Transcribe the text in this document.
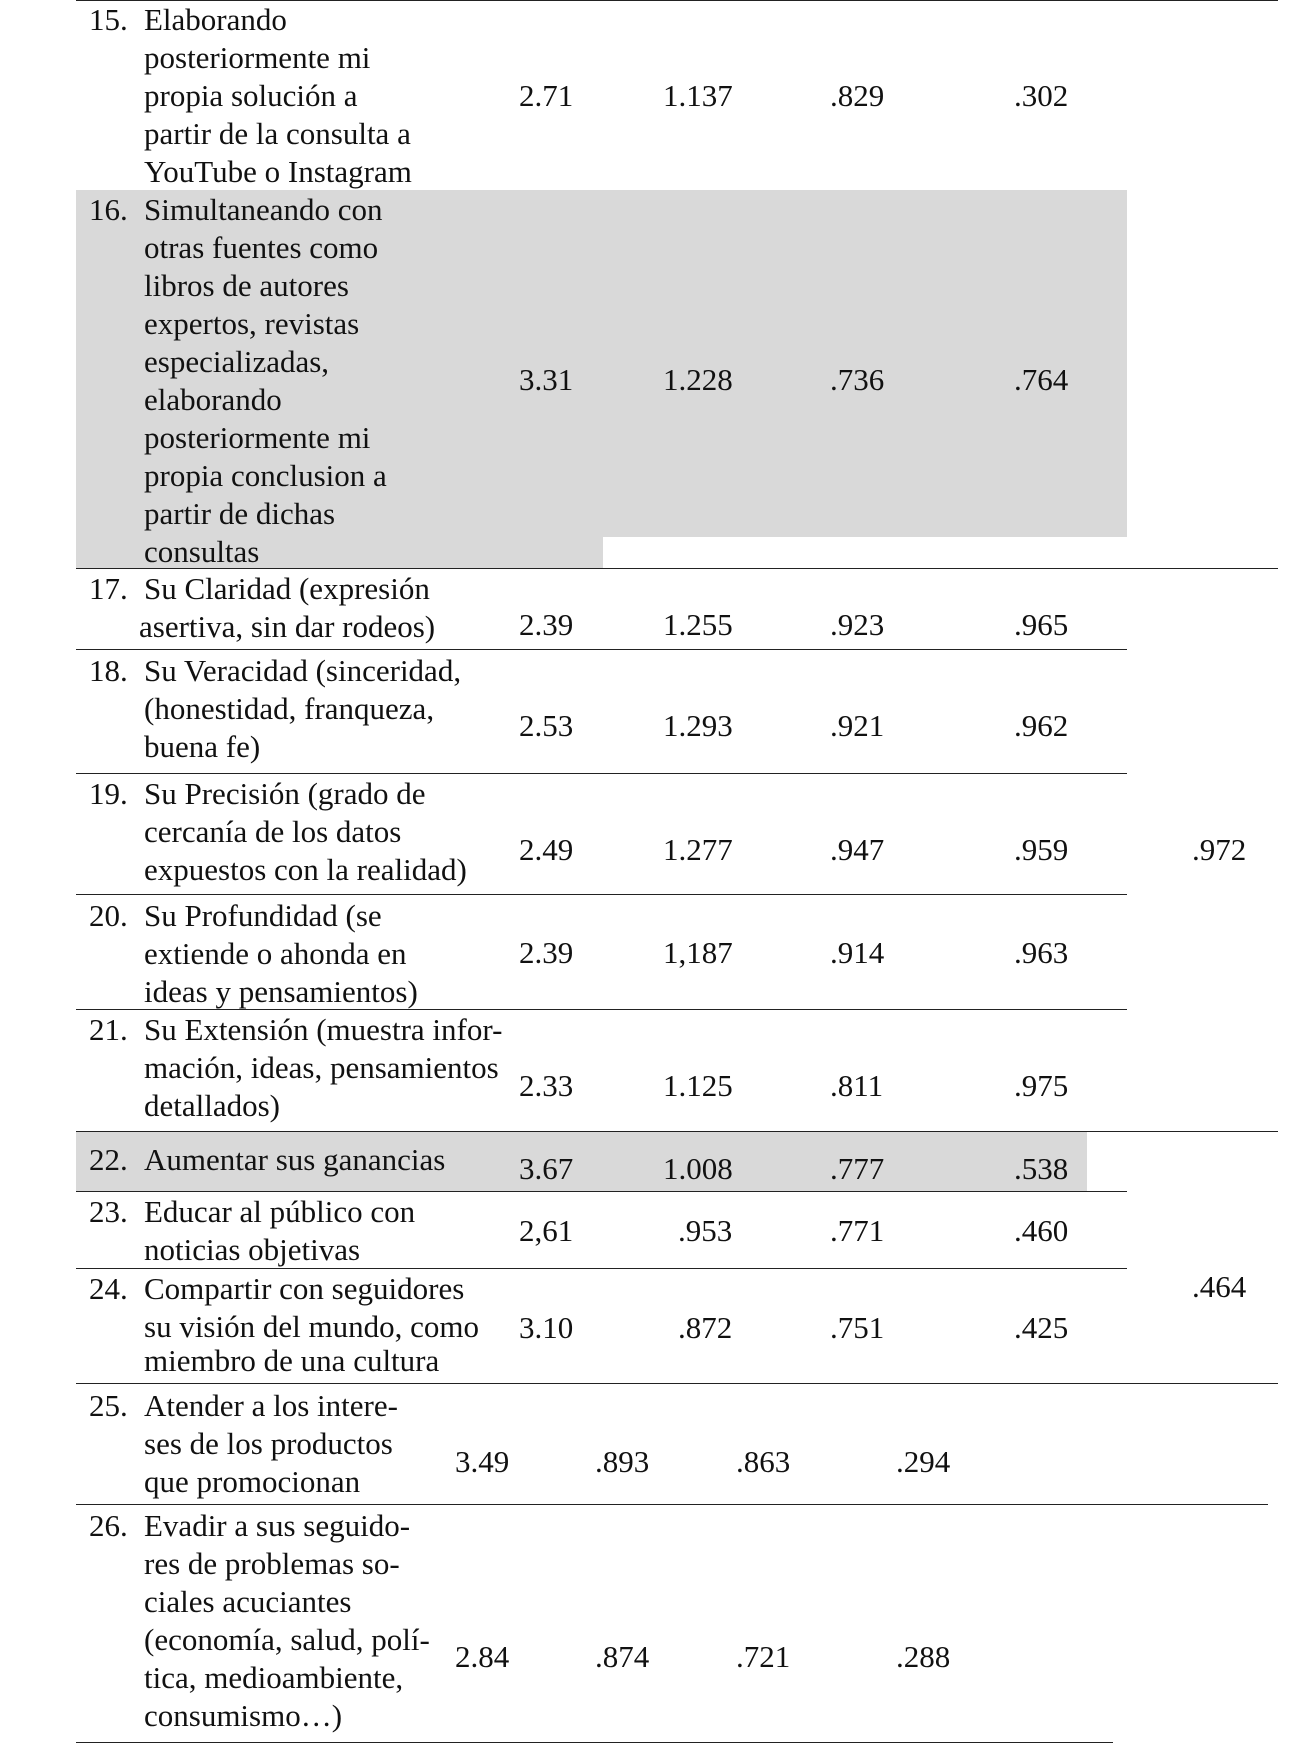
15. Elaborando
posteriormente mi
propia solución a
partir de la consulta a
YouTube o Instagram
2.71	1.137	.829	.302
16. Simultaneando con
otras fuentes como
libros de autores
expertos, revistas
especializadas,
elaborando
posteriormente mi
propia conclusion a
partir de dichas
consultas
3.31	1.228	.736	.764
17. Su Claridad (expresión
asertiva, sin dar rodeos)	2.39	1.255	.923	.965
18. Su Veracidad (sinceridad,
(honestidad, franqueza,
buena fe)
2.53	1.293	.921	.962
19. Su Precisión (grado de
cercanía de los datos
expuestos con la realidad)
2.49	1.277	.947	.959
20. Su Profundidad (se
extiende o ahonda en
ideas y pensamientos)
2.39	1,187	.914	.963
21. Su Extensión (muestra infor-
mación, ideas, pensamientos
detallados)
2.33	1.125	.811	.975
.972
22. Aumentar sus ganancias 3.67	1.008	.777	.538
23. Educar al público con
noticias objetivas
2,61	.953	.771	.460
24. Compartir con seguidores
su visión del mundo, como
miembro de una cultura
3.10	.872	.751	.425
.464
25. Atender a los intere-
ses de los productos
que promocionan
3.49	.893	.863	.294
26. Evadir a sus seguido-
res de problemas so-
ciales acuciantes
(economía, salud, polí-
tica, medioambiente,
consumismo…)
2.84	.874	.721	.288
